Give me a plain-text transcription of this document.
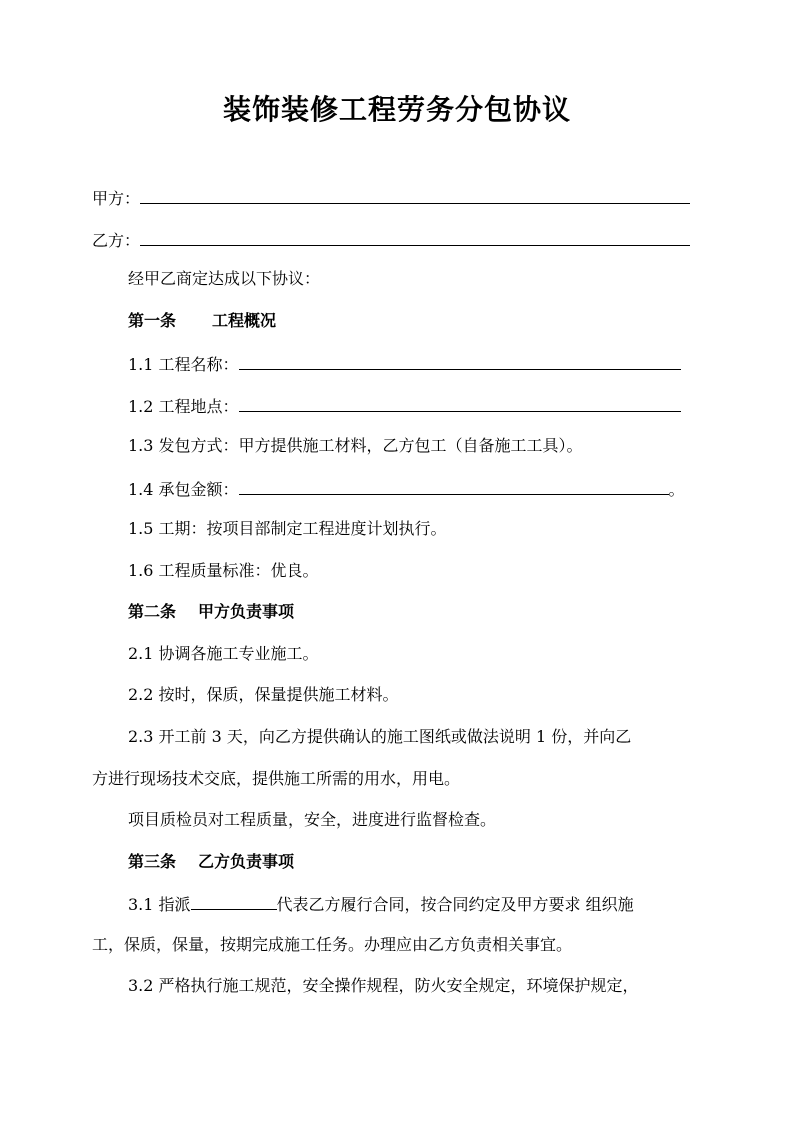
装饰装修工程劳务分包协议
甲方：
乙方：
经甲乙商定达成以下协议：
第一条 工程概况
1.1 工程名称：
1.2 工程地点：
1.3 发包方式：甲方提供施工材料，乙方包工（自备施工工具）。
1.4 承包金额：	。
1.5 工期：按项目部制定工程进度计划执行。
1.6 工程质量标准：优良。
第二条 甲方负责事项
2.1 协调各施工专业施工。
2.2 按时，保质，保量提供施工材料。
2.3 开工前 3 天，向乙方提供确认的施工图纸或做法说明 1 份，并向乙
方进行现场技术交底，提供施工所需的用水，用电。
项目质检员对工程质量，安全，进度进行监督检查。
第三条 乙方负责事项
3.1 指派	代表乙方履行合同，按合同约定及甲方要求 组织施
工，保质，保量，按期完成施工任务。办理应由乙方负责相关事宜。
3.2 严格执行施工规范，安全操作规程，防火安全规定，环境保护规定，
